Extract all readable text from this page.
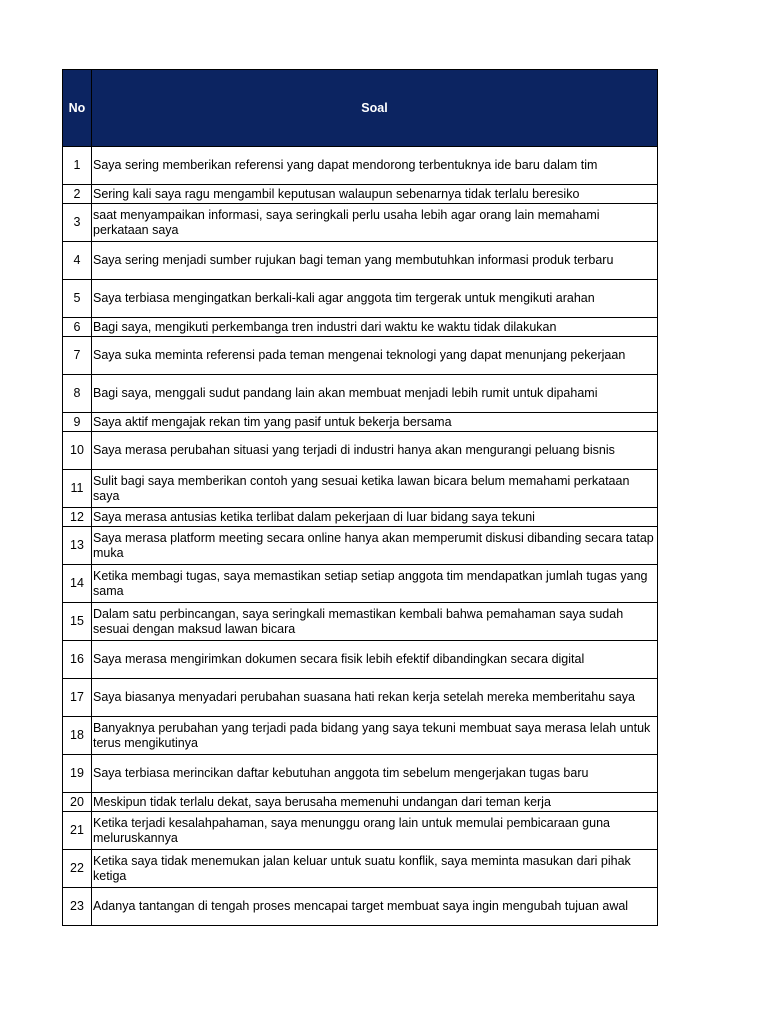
No	Soal
1	Saya sering memberikan referensi yang dapat mendorong terbentuknya ide baru dalam tim
2	Sering kali saya ragu mengambil keputusan walaupun sebenarnya tidak terlalu beresiko
3	saat menyampaikan informasi, saya seringkali perlu usaha lebih agar orang lain memahami perkataan saya
4	Saya sering menjadi sumber rujukan bagi teman yang membutuhkan informasi produk terbaru
5	Saya terbiasa mengingatkan berkali-kali agar anggota tim tergerak untuk mengikuti arahan
6	Bagi saya, mengikuti perkembanga tren industri dari waktu ke waktu tidak dilakukan
7	Saya suka meminta referensi pada teman mengenai teknologi yang dapat menunjang pekerjaan
8	Bagi saya, menggali sudut pandang lain akan membuat menjadi lebih rumit untuk dipahami
9	Saya aktif mengajak rekan tim yang pasif untuk bekerja bersama
10	Saya merasa perubahan situasi yang terjadi di industri hanya akan mengurangi peluang bisnis
11	Sulit bagi saya memberikan contoh yang sesuai ketika lawan bicara belum memahami perkataan saya
12	Saya merasa antusias ketika terlibat dalam pekerjaan di luar bidang saya tekuni
13	Saya merasa platform meeting secara online hanya akan memperumit diskusi dibanding secara tatap muka
14	Ketika membagi tugas, saya memastikan setiap setiap anggota tim mendapatkan jumlah tugas yang sama
15	Dalam satu perbincangan, saya seringkali memastikan kembali bahwa pemahaman saya sudah sesuai dengan maksud lawan bicara
16	Saya merasa mengirimkan dokumen secara fisik lebih efektif dibandingkan secara digital
17	Saya biasanya menyadari perubahan suasana hati rekan kerja setelah mereka memberitahu saya
18	Banyaknya perubahan yang terjadi pada bidang yang saya tekuni membuat saya merasa lelah untuk terus mengikutinya
19	Saya terbiasa merincikan daftar kebutuhan anggota tim sebelum mengerjakan tugas baru
20	Meskipun tidak terlalu dekat, saya berusaha memenuhi undangan dari teman kerja
21	Ketika terjadi kesalahpahaman, saya menunggu orang lain untuk memulai pembicaraan guna meluruskannya
22	Ketika saya tidak menemukan jalan keluar untuk suatu konflik, saya meminta masukan dari pihak ketiga
23	Adanya tantangan di tengah proses mencapai target membuat saya ingin mengubah tujuan awal
